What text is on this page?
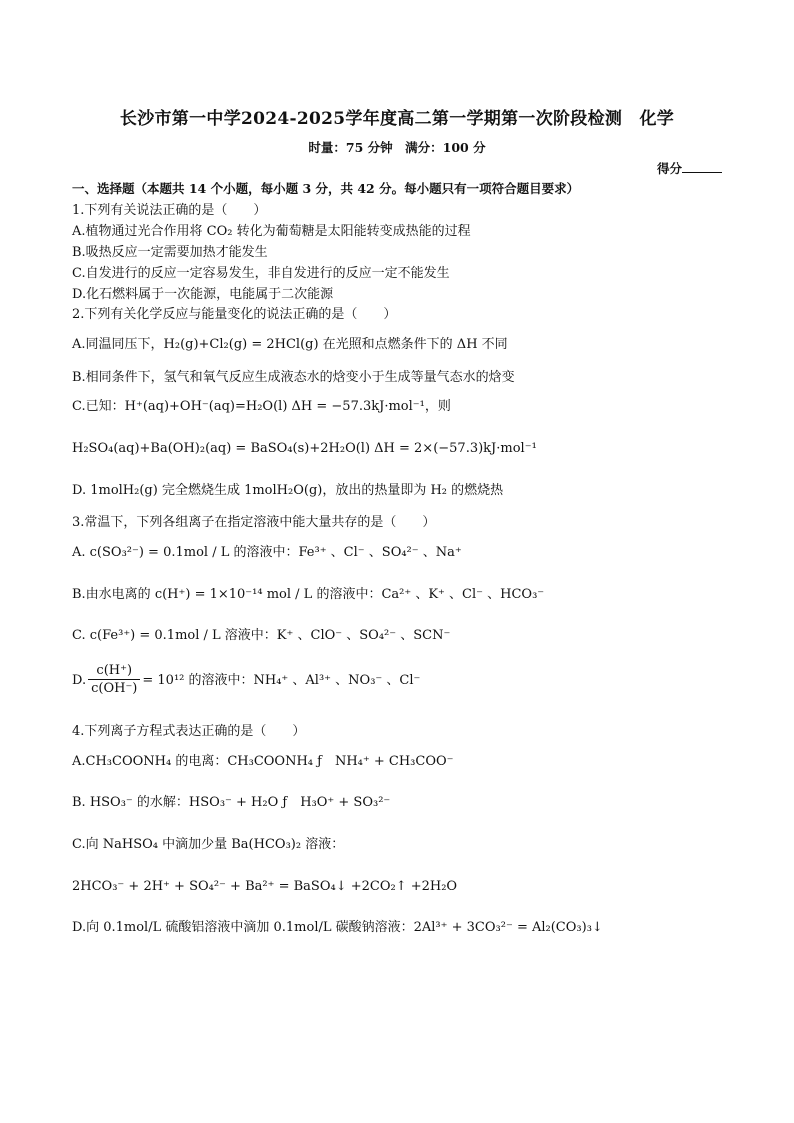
长沙市第一中学2024-2025学年度高二第一学期第一次阶段检测　化学
时量：75 分钟　满分：100 分
得分
一、选择题（本题共 14 个小题，每小题 3 分，共 42 分。每小题只有一项符合题目要求）
1.下列有关说法正确的是（　　）
A.植物通过光合作用将 CO₂ 转化为葡萄糖是太阳能转变成热能的过程
B.吸热反应一定需要加热才能发生
C.自发进行的反应一定容易发生，非自发进行的反应一定不能发生
D.化石燃料属于一次能源，电能属于二次能源
2.下列有关化学反应与能量变化的说法正确的是（　　）
A.同温同压下，H₂(g)+Cl₂(g) = 2HCl(g) 在光照和点燃条件下的 ΔH 不同
B.相同条件下，氢气和氧气反应生成液态水的焓变小于生成等量气态水的焓变
C.已知：H⁺(aq)+OH⁻(aq)=H₂O(l) ΔH = −57.3kJ·mol⁻¹，则
H₂SO₄(aq)+Ba(OH)₂(aq) = BaSO₄(s)+2H₂O(l) ΔH = 2×(−57.3)kJ·mol⁻¹
D. 1molH₂(g) 完全燃烧生成 1molH₂O(g)，放出的热量即为 H₂ 的燃烧热
3.常温下，下列各组离子在指定溶液中能大量共存的是（　　）
A. c(SO₃²⁻) = 0.1mol / L 的溶液中：Fe³⁺ 、Cl⁻ 、SO₄²⁻ 、Na⁺
B.由水电离的 c(H⁺) = 1×10⁻¹⁴ mol / L 的溶液中：Ca²⁺ 、K⁺ 、Cl⁻ 、HCO₃⁻
C. c(Fe³⁺) = 0.1mol / L 溶液中：K⁺ 、ClO⁻ 、SO₄²⁻ 、SCN⁻
D. $\frac{c(H^+)}{c(OH^-)} = 10^{12}$ 的溶液中：NH₄⁺ 、Al³⁺ 、NO₃⁻ 、Cl⁻
4.下列离子方程式表达正确的是（　　）
A.CH₃COONH₄ 的电离：CH₃COONH₄ ƒ　NH₄⁺ + CH₃COO⁻
B. HSO₃⁻ 的水解：HSO₃⁻ + H₂O ƒ　H₃O⁺ + SO₃²⁻
C.向 NaHSO₄ 中滴加少量 Ba(HCO₃)₂ 溶液：
2HCO₃⁻ + 2H⁺ + SO₄²⁻ + Ba²⁺ = BaSO₄↓ +2CO₂↑ +2H₂O
D.向 0.1mol/L 硫酸铝溶液中滴加 0.1mol/L 碳酸钠溶液：2Al³⁺ + 3CO₃²⁻ = Al₂(CO₃)₃↓
